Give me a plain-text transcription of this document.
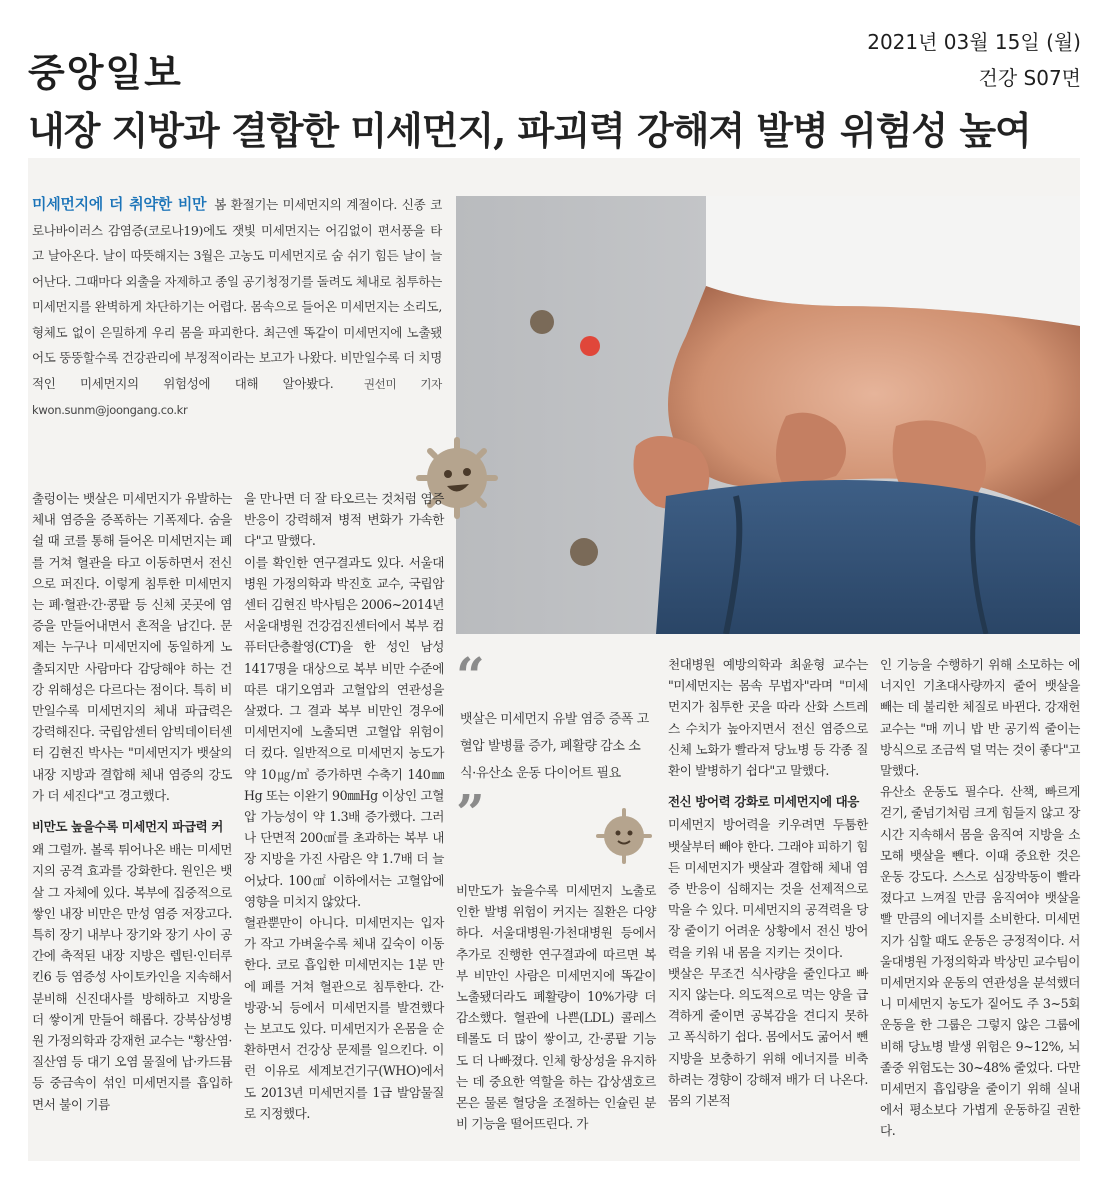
중앙일보
2021년 03월 15일 (월)
건강 S07면
내장 지방과 결합한 미세먼지, 파괴력 강해져 발병 위험성 높여
미세먼지에 더 취약한 비만 봄 환절기는 미세먼지의 계절이다. 신종 코로나바이러스 감염증(코로나19)에도 잿빛 미세먼지는 어김없이 편서풍을 타고 날아온다. 날이 따뜻해지는 3월은 고농도 미세먼지로 숨 쉬기 힘든 날이 늘어난다. 그때마다 외출을 자제하고 종일 공기청정기를 돌려도 체내로 침투하는 미세먼지를 완벽하게 차단하기는 어렵다. 몸속으로 들어온 미세먼지는 소리도, 형체도 없이 은밀하게 우리 몸을 파괴한다. 최근엔 똑같이 미세먼지에 노출됐어도 뚱뚱할수록 건강관리에 부정적이라는 보고가 나왔다. 비만일수록 더 치명적인 미세먼지의 위험성에 대해 알아봤다.	권선미 기자 kwon.sunm@joongang.co.kr

출렁이는 뱃살은 미세먼지가 유발하는 체내 염증을 증폭하는 기폭제다. 숨을 쉴 때 코를 통해 들어온 미세먼지는 폐를 거쳐 혈관을 타고 이동하면서 전신으로 퍼진다. 이렇게 침투한 미세먼지는 폐·혈관·간·콩팥 등 신체 곳곳에 염증을 만들어내면서 흔적을 남긴다. 문제는 누구나 미세먼지에 동일하게 노출되지만 사람마다 감당해야 하는 건강 위해성은 다르다는 점이다. 특히 비만일수록 미세먼지의 체내 파급력은 강력해진다. 국립암센터 암빅데이터센터 김현진 박사는 "미세먼지가 뱃살의 내장 지방과 결합해 체내 염증의 강도가 더 세진다"고 경고했다.

비만도 높을수록 미세먼지 파급력 커

왜 그럴까. 볼록 튀어나온 배는 미세먼지의 공격 효과를 강화한다. 원인은 뱃살 그 자체에 있다. 복부에 집중적으로 쌓인 내장 비만은 만성 염증 저장고다. 특히 장기 내부나 장기와 장기 사이 공간에 축적된 내장 지방은 렙틴·인터루킨6 등 염증성 사이토카인을 지속해서 분비해 신진대사를 방해하고 지방을 더 쌓이게 만들어 해롭다. 강북삼성병원 가정의학과 강재헌 교수는 "황산염·질산염 등 대기 오염 물질에 납·카드뮴 등 중금속이 섞인 미세먼지를 흡입하면서 불이 기름

을 만나면 더 잘 타오르는 것처럼 염증 반응이 강력해져 병적 변화가 가속한다"고 말했다.

이를 확인한 연구결과도 있다. 서울대병원 가정의학과 박진호 교수, 국립암센터 김현진 박사팀은 2006~2014년 서울대병원 건강검진센터에서 복부 컴퓨터단층촬영(CT)을 한 성인 남성 1417명을 대상으로 복부 비만 수준에 따른 대기오염과 고혈압의 연관성을 살폈다. 그 결과 복부 비만인 경우에 미세먼지에 노출되면 고혈압 위험이 더 컸다. 일반적으로 미세먼지 농도가 약 10㎍/㎥ 증가하면 수축기 140㎜Hg 또는 이완기 90㎜Hg 이상인 고혈압 가능성이 약 1.3배 증가했다. 그러나 단면적 200㎠를 초과하는 복부 내장 지방을 가진 사람은 약 1.7배 더 늘어났다. 100㎠ 이하에서는 고혈압에 영향을 미치지 않았다.

혈관뿐만이 아니다. 미세먼지는 입자가 작고 가벼울수록 체내 깊숙이 이동한다. 코로 흡입한 미세먼지는 1분 만에 폐를 거쳐 혈관으로 침투한다. 간·방광·뇌 등에서 미세먼지를 발견했다는 보고도 있다. 미세먼지가 온몸을 순환하면서 건강상 문제를 일으킨다. 이런 이유로 세계보건기구(WHO)에서도 2013년 미세먼지를 1급 발암물질로 지정했다.

“

뱃살은 미세먼지 유발 염증 증폭 고혈압 발병률 증가, 폐활량 감소 소식·유산소 운동 다이어트 필요

”

비만도가 높을수록 미세먼지 노출로 인한 발병 위험이 커지는 질환은 다양하다. 서울대병원·가천대병원 등에서 추가로 진행한 연구결과에 따르면 복부 비만인 사람은 미세먼지에 똑같이 노출됐더라도 폐활량이 10%가량 더 감소했다. 혈관에 나쁜(LDL) 콜레스테롤도 더 많이 쌓이고, 간·콩팥 기능도 더 나빠졌다. 인체 항상성을 유지하는 데 중요한 역할을 하는 갑상샘호르몬은 물론 혈당을 조절하는 인슐린 분비 기능을 떨어뜨린다. 가

천대병원 예방의학과 최윤형 교수는 "미세먼지는 몸속 무법자"라며 "미세먼지가 침투한 곳을 따라 산화 스트레스 수치가 높아지면서 전신 염증으로 신체 노화가 빨라져 당뇨병 등 각종 질환이 발병하기 쉽다"고 말했다.

전신 방어력 강화로 미세먼지에 대응

미세먼지 방어력을 키우려면 두툼한 뱃살부터 빼야 한다. 그래야 피하기 힘든 미세먼지가 뱃살과 결합해 체내 염증 반응이 심해지는 것을 선제적으로 막을 수 있다. 미세먼지의 공격력을 당장 줄이기 어려운 상황에서 전신 방어력을 키워 내 몸을 지키는 것이다.

뱃살은 무조건 식사량을 줄인다고 빠지지 않는다. 의도적으로 먹는 양을 급격하게 줄이면 공복감을 견디지 못하고 폭식하기 쉽다. 몸에서도 굶어서 뺀 지방을 보충하기 위해 에너지를 비축하려는 경향이 강해져 배가 더 나온다. 몸의 기본적

인 기능을 수행하기 위해 소모하는 에너지인 기초대사량까지 줄어 뱃살을 빼는 데 불리한 체질로 바뀐다. 강재헌 교수는 "매 끼니 밥 반 공기씩 줄이는 방식으로 조금씩 덜 먹는 것이 좋다"고 말했다.

유산소 운동도 필수다. 산책, 빠르게 걷기, 줄넘기처럼 크게 힘들지 않고 장시간 지속해서 몸을 움직여 지방을 소모해 뱃살을 뺀다. 이때 중요한 것은 운동 강도다. 스스로 심장박동이 빨라졌다고 느껴질 만큼 움직여야 뱃살을 빨 만큼의 에너지를 소비한다. 미세먼지가 심할 때도 운동은 긍정적이다. 서울대병원 가정의학과 박상민 교수팀이 미세먼지와 운동의 연관성을 분석했더니 미세먼지 농도가 짙어도 주 3~5회 운동을 한 그룹은 그렇지 않은 그룹에 비해 당뇨병 발생 위험은 9~12%, 뇌졸중 위험도는 30~48% 줄었다. 다만 미세먼지 흡입량을 줄이기 위해 실내에서 평소보다 가볍게 운동하길 권한다.
